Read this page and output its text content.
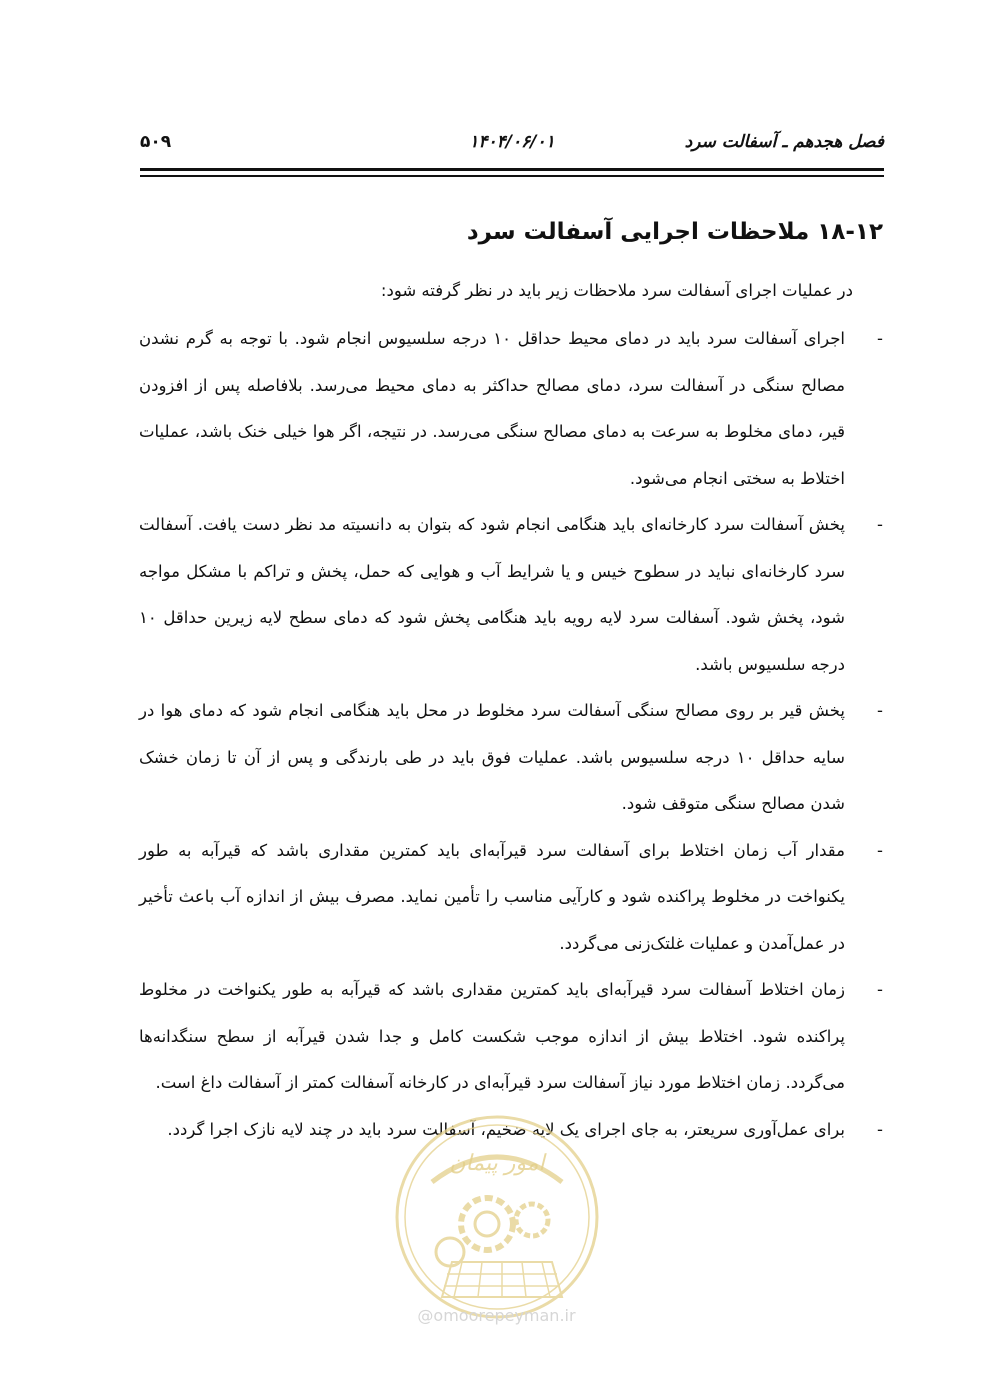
فصل هجدهم ـ آسفالت سرد
۱۴۰۴/۰۶/۰۱
۵۰۹
۱۸-۱۲ ملاحظات اجرایی آسفالت سرد

در عملیات اجرای آسفالت سرد ملاحظات زیر باید در نظر گرفته شود:

-
اجرای آسفالت سرد باید در دمای محیط حداقل ۱۰ درجه سلسیوس انجام شود. با توجه به گرم نشدن مصالح سنگی در آسفالت سرد، دمای مصالح حداکثر به دمای محیط می‌رسد. بلافاصله پس از افزودن قیر، دمای مخلوط به سرعت به دمای مصالح سنگی می‌رسد. در نتیجه، اگر هوا خیلی خنک باشد، عملیات اختلاط به سختی انجام می‌شود.
-
پخش آسفالت سرد کارخانه‌ای باید هنگامی انجام شود که بتوان به دانسیته مد نظر دست یافت. آسفالت سرد کارخانه‌ای نباید در سطوح خیس و یا شرایط آب و هوایی که حمل، پخش و تراکم با مشکل مواجه شود، پخش شود. آسفالت سرد لایه رویه باید هنگامی پخش شود که دمای سطح لایه زیرین حداقل ۱۰ درجه سلسیوس باشد.
-
پخش قیر بر روی مصالح سنگی آسفالت سرد مخلوط در محل باید هنگامی انجام شود که دمای هوا در سایه حداقل ۱۰ درجه سلسیوس باشد. عملیات فوق باید در طی بارندگی و پس از آن تا زمان خشک شدن مصالح سنگی متوقف شود.
-
مقدار آب زمان اختلاط برای آسفالت سرد قیرآبه‌ای باید کمترین مقداری باشد که قیرآبه به طور یکنواخت در مخلوط پراکنده شود و کارآیی مناسب را تأمین نماید. مصرف بیش از اندازه آب باعث تأخیر در عمل‌آمدن و عملیات غلتک‌زنی می‌گردد.
-
زمان اختلاط آسفالت سرد قیرآبه‌ای باید کمترین مقداری باشد که قیرآبه به طور یکنواخت در مخلوط پراکنده شود. اختلاط بیش از اندازه موجب شکست کامل و جدا شدن قیرآبه از سطح سنگدانه‌ها می‌گردد. زمان اختلاط مورد نیاز آسفالت سرد قیرآبه‌ای در کارخانه آسفالت کمتر از آسفالت داغ است.
-
برای عمل‌آوری سریعتر، به جای اجرای یک لایه ضخیم، آسفالت سرد باید در چند لایه نازک اجرا گردد.
امور پیمان
@omoorepeyman.ir
